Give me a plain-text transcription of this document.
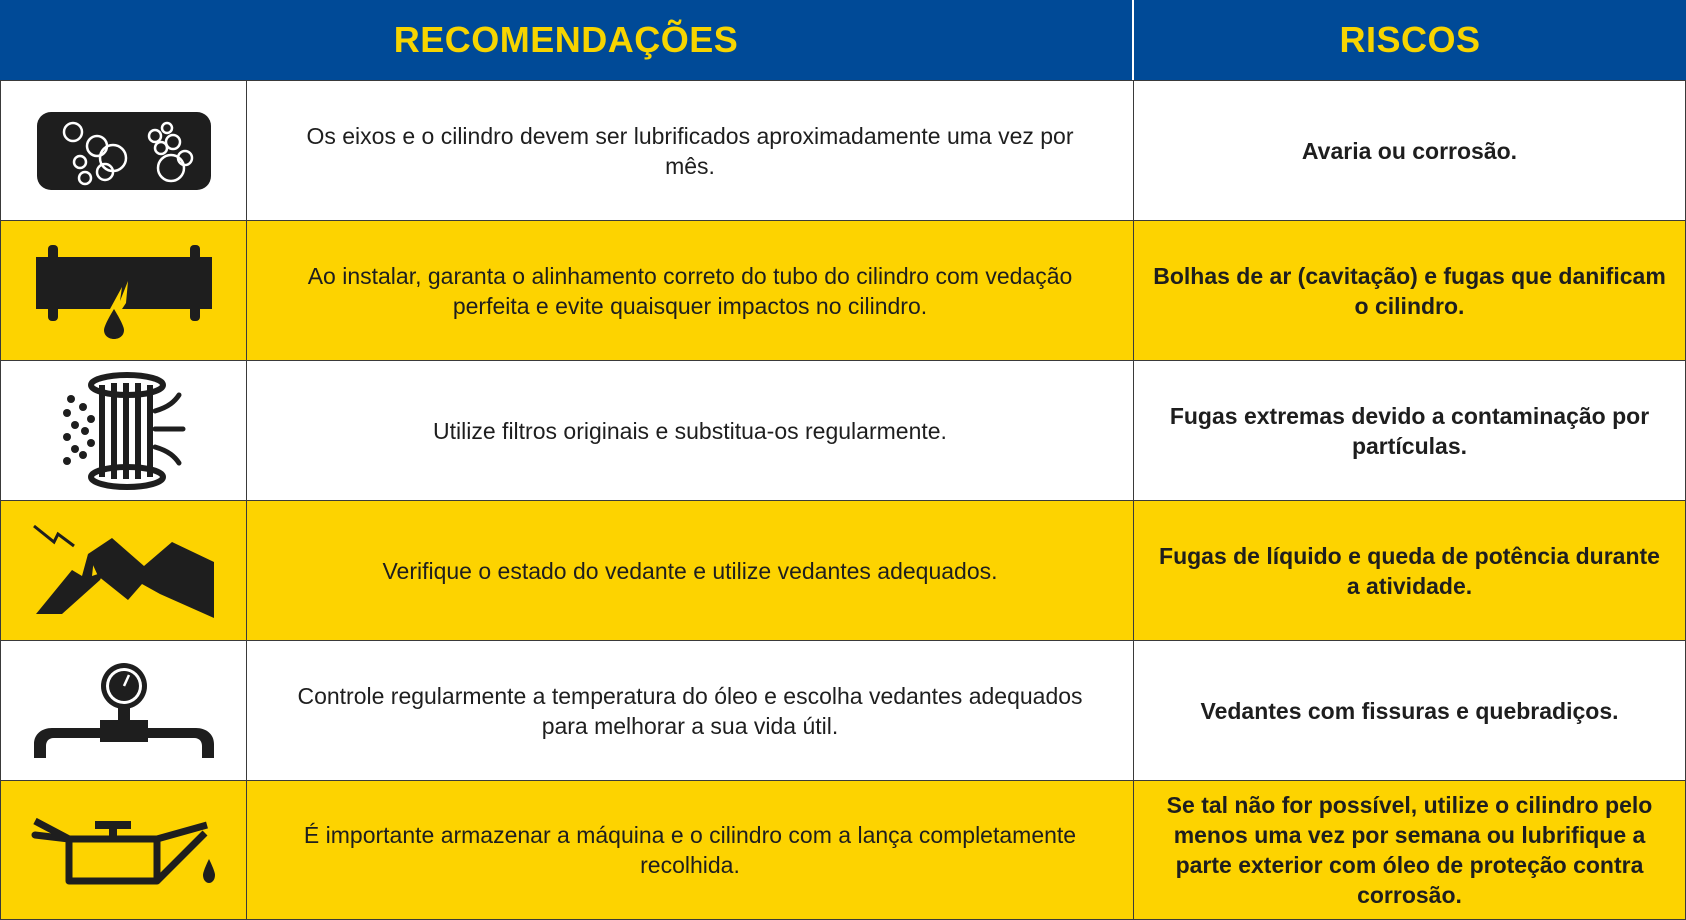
RECOMENDAÇÕES	RISCOS
Os eixos e o cilindro devem ser lubrificados aproximadamente uma vez por mês.
Avaria ou corrosão.
Ao instalar, garanta o alinhamento correto do tubo do cilindro com vedação perfeita e evite quaisquer impactos no cilindro.
Bolhas de ar (cavitação) e fugas que danificam o cilindro.
Utilize filtros originais e substitua-os regularmente.
Fugas extremas devido a contaminação por partículas.
Verifique o estado do vedante e utilize vedantes adequados.
Fugas de líquido e queda de potência durante a atividade.
Controle regularmente a temperatura do óleo e escolha vedantes adequados para melhorar a sua vida útil.
Vedantes com fissuras e quebradiços.
É importante armazenar a máquina e o cilindro com a lança completamente recolhida.
Se tal não for possível, utilize o cilindro pelo menos uma vez por semana ou lubrifique a parte exterior com óleo de proteção contra corrosão.
